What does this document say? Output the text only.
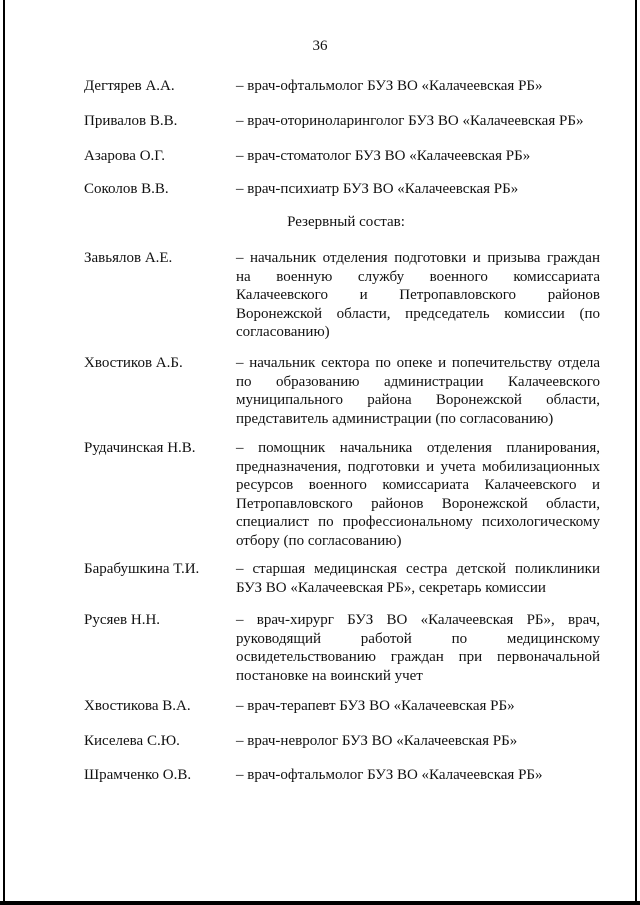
36
Дегтярев А.А.	– врач-офтальмолог БУЗ ВО «Калачеевская РБ»
Привалов В.В.	– врач-оториноларинголог БУЗ ВО «Калачеевская РБ»
Азарова О.Г.	– врач-стоматолог БУЗ ВО «Калачеевская РБ»
Соколов В.В.	– врач-психиатр БУЗ ВО «Калачеевская РБ»
Резервный состав:
Завьялов А.Е.	– начальник отделения подготовки и призыва граждан на военную службу военного комиссариата Калачеевского и Петропавловского районов Воронежской области, председатель комиссии (по согласованию)
Хвостиков А.Б.	– начальник сектора по опеке и попечительству отдела по образованию администрации Калачеевского муниципального района Воронежской области, представитель администрации (по согласованию)
Рудачинская Н.В.	– помощник начальника отделения планирования, предназначения, подготовки и учета мобилизационных ресурсов военного комиссариата Калачеевского и Петропавловского районов Воронежской области, специалист по профессиональному психологическому отбору (по согласованию)
Барабушкина Т.И. – старшая медицинская сестра детской поликлиники БУЗ ВО «Калачеевская РБ», секретарь комиссии
Русяев Н.Н.	– врач-хирург БУЗ ВО «Калачеевская РБ», врач, руководящий работой по медицинскому освидетельствованию граждан при первоначальной постановке на воинский учет
Хвостикова В.А.	– врач-терапевт БУЗ ВО «Калачеевская РБ»
Киселева С.Ю.	– врач-невролог БУЗ ВО «Калачеевская РБ»
Шрамченко О.В.	– врач-офтальмолог БУЗ ВО «Калачеевская РБ»
